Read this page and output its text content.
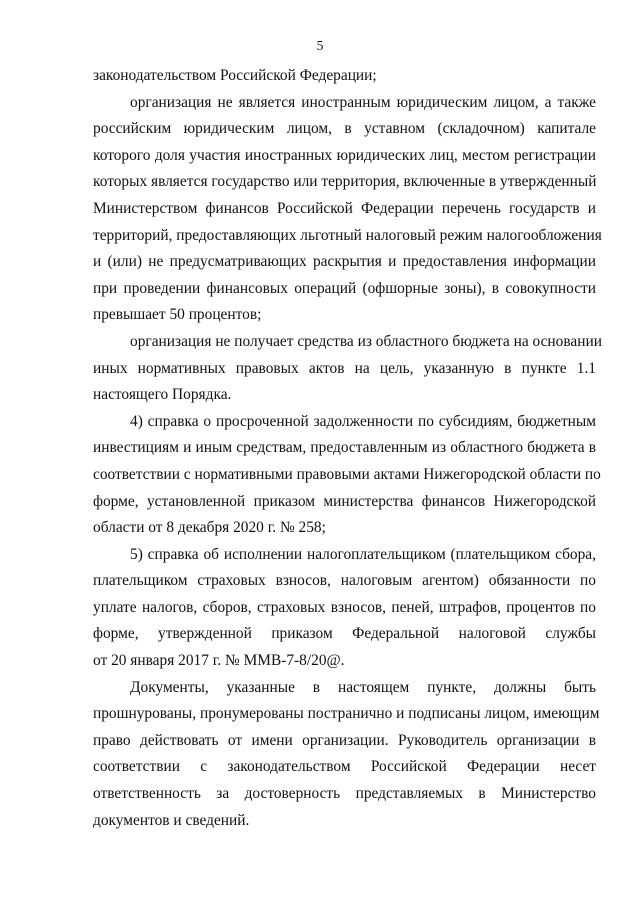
5
законодательством Российской Федерации;
организация не является иностранным юридическим лицом, а также
российским юридическим лицом, в уставном (складочном) капитале
которого доля участия иностранных юридических лиц, местом регистрации
которых является государство или территория, включенные в утвержденный
Министерством финансов Российской Федерации перечень государств и
территорий, предоставляющих льготный налоговый режим налогообложения
и (или) не предусматривающих раскрытия и предоставления информации
при проведении финансовых операций (офшорные зоны), в совокупности
превышает 50 процентов;
организация не получает средства из областного бюджета на основании
иных нормативных правовых актов на цель, указанную в пункте 1.1
настоящего Порядка.
4) справка о просроченной задолженности по субсидиям, бюджетным
инвестициям и иным средствам, предоставленным из областного бюджета в
соответствии с нормативными правовыми актами Нижегородской области по
форме, установленной приказом министерства финансов Нижегородской
области от 8 декабря 2020 г. № 258;
5) справка об исполнении налогоплательщиком (плательщиком сбора,
плательщиком страховых взносов, налоговым агентом) обязанности по
уплате налогов, сборов, страховых взносов, пеней, штрафов, процентов по
форме, утвержденной приказом Федеральной налоговой службы
от 20 января 2017 г. № ММВ-7-8/20@.
Документы, указанные в настоящем пункте, должны быть
прошнурованы, пронумерованы постранично и подписаны лицом, имеющим
право действовать от имени организации. Руководитель организации в
соответствии с законодательством Российской Федерации несет
ответственность за достоверность представляемых в Министерство
документов и сведений.
